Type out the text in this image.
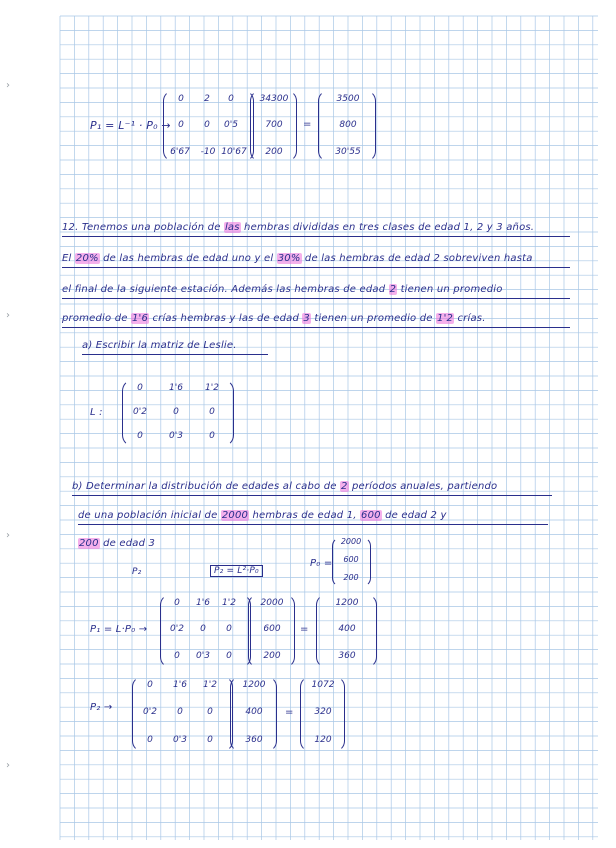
›
›
›
›
P₁ = L⁻¹ · P₀ →
0	2	0
0	0	0'5
6'67	-10 10'67
34300
700
200
=
3500
800
30'55
12. Tenemos una población de las hembras divididas en tres clases de edad 1, 2 y 3 años.
El 20% de las hembras de edad uno y el 30% de las hembras de edad 2 sobreviven hasta
el final de la siguiente estación. Además las hembras de edad 2 tienen un promedio
promedio de 1'6 crías hembras y las de edad 3 tienen un promedio de 1'2 crías.
a) Escribir la matriz de Leslie.
L :
0	1'6	1'2
0'2	0	0
0	0'3	0
b) Determinar la distribución de edades al cabo de 2 períodos anuales, partiendo
de una población inicial de 2000 hembras de edad 1, 600 de edad 2 y
200 de edad 3
P₂	P₂ = L²·P₀
P₀ =
2000
600
200
P₁ = L·P₀ →
0	1'6	1'2
0'2	0	0
0	0'3	0
2000
600
200
=
1200
400
360
P₂ →
0	1'6	1'2
0'2	0	0
0	0'3	0
1200
400
360
=
1072
320
120
